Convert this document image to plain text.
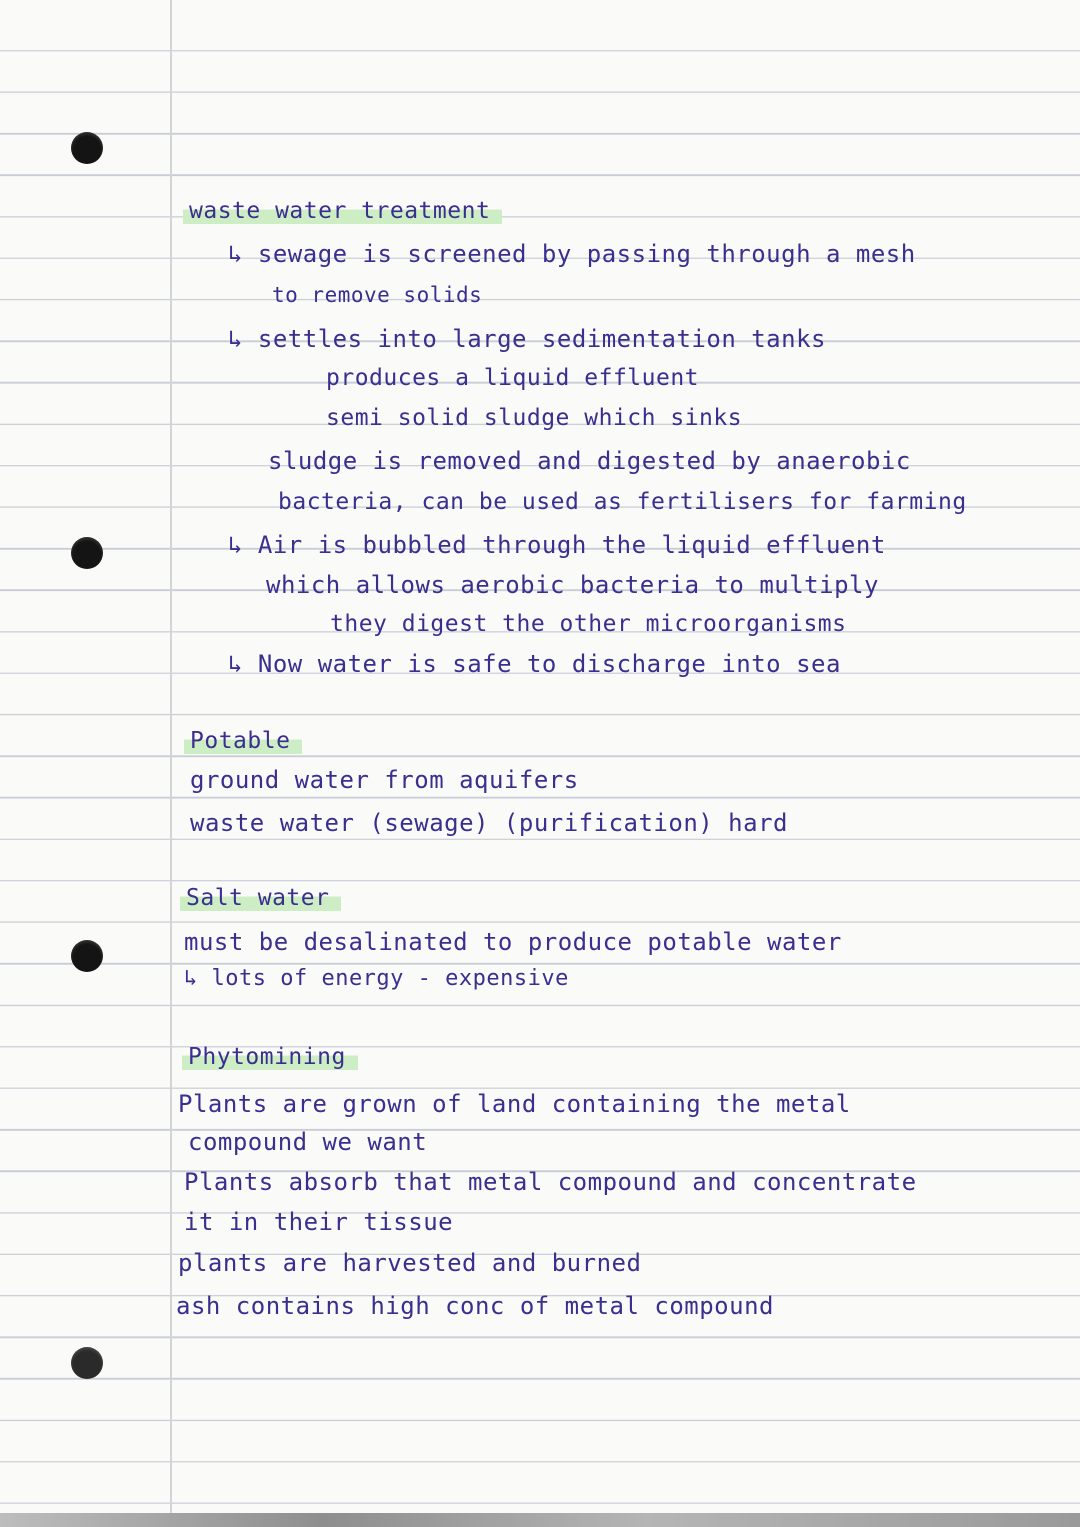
waste water treatment
↳ sewage is screened by passing through a mesh
to remove solids
↳ settles into large sedimentation tanks
produces a liquid effluent
semi solid sludge which sinks
sludge is removed and digested by anaerobic
bacteria, can be used as fertilisers for farming
↳ Air is bubbled through the liquid effluent
which allows aerobic bacteria to multiply
they digest the other microorganisms
↳ Now water is safe to discharge into sea
Potable
ground water from aquifers
waste water (sewage) (purification) hard
Salt water
must be desalinated to produce potable water
↳ lots of energy - expensive
Phytomining
Plants are grown of land containing the metal
compound we want
Plants absorb that metal compound and concentrate
it in their tissue
plants are harvested and burned
ash contains high conc of metal compound
